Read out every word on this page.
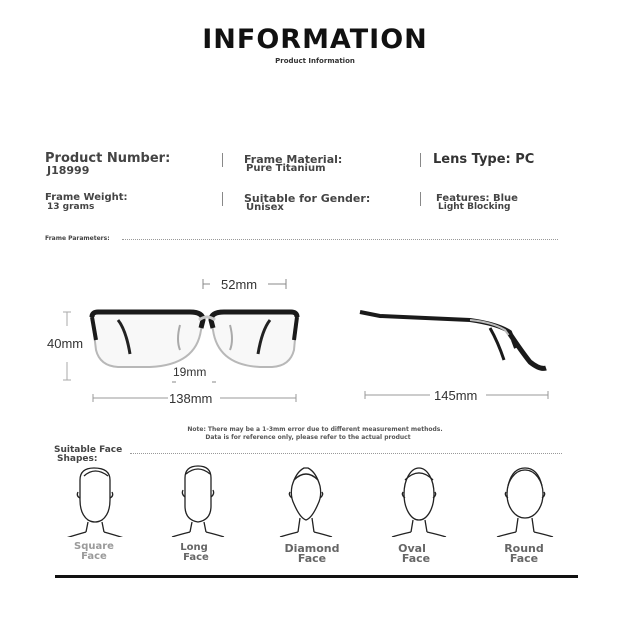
INFORMATION
Product Information
Product Number:
J18999
Frame Material:
Pure Titanium
Lens Type: PC
Frame Weight:
13 grams
Suitable for Gender:
Unisex
Features: Blue
Light Blocking
Frame Parameters:
52mm
40mm
19mm
138mm	145mm
Note: There may be a 1-3mm error due to different measurement methods.
Data is for reference only, please refer to the actual product
Suitable Face
Shapes:
Square
Face
Long
Face
Diamond
Face
Oval
Face
Round
Face
